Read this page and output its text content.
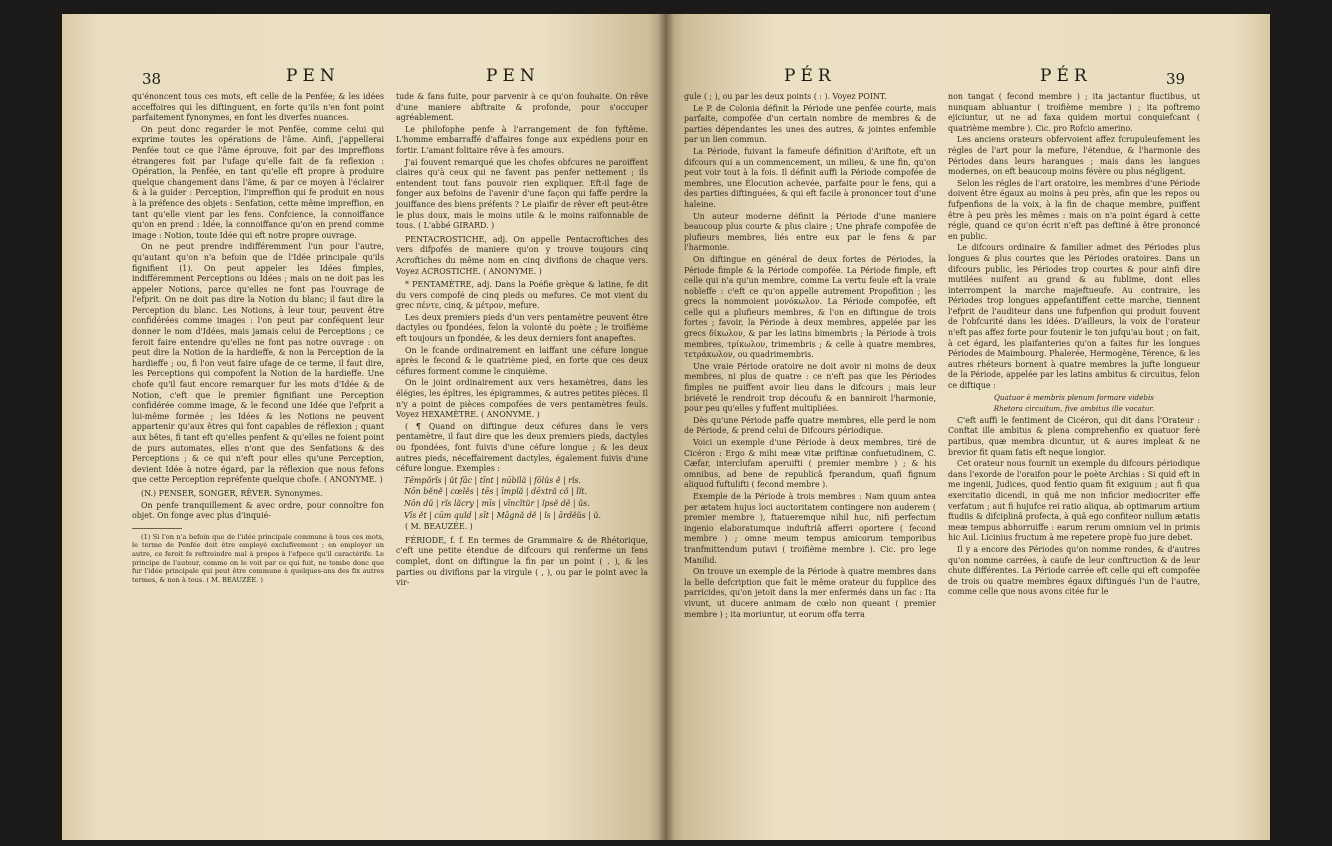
38	PEN	PEN

qu'énoncent tous ces mots, eft celle de la Penfée; & les idées acceffoires qui les diftinguent, en forte qu'ils n'en font point parfaitement fynonymes, en font les diverfes nuances.

On peut donc regarder le mot Penfée, comme celui qui exprime toutes les opérations de l'âme. Ainfi, j'appellerai Penfée tout ce que l'âme éprouve, foit par des impreffions étrangeres foit par l'ufage qu'elle fait de fa reflexion : Opération, la Penfée, en tant qu'elle eft propre à produire quelque changement dans l'âme, & par ce moyen à l'éclairer & à la guider : Perception, l'impreffion qui fe produit en nous à la préfence des objets : Senfation, cette même impreffion, en tant qu'elle vient par les fens. Confcience, la connoiffance qu'on en prend : Idée, la connoiffance qu'on en prend comme image : Notion, toute Idée qui eft notre propre ouvrage.

On ne peut prendre indifféremment l'un pour l'autre, qu'autant qu'on n'a befoin que de l'Idée principale qu'ils fignifient (1). On peut appeler les Idées fimples, indifféremment Perceptions ou Idées ; mais on ne doit pas les appeler Notions, parce qu'elles ne font pas l'ouvrage de l'efprit. On ne doit pas dire la Notion du blanc; il faut dire la Perception du blanc. Les Notions, à leur tour, peuvent être confidérées comme images : l'on peut par conféquent leur donner le nom d'Idées, mais jamais celui de Perceptions ; ce feroit faire entendre qu'elles ne font pas notre ouvrage : on peut dire la Notion de la hardieffe, & non la Perception de la hardieffe ; ou, fi l'on veut faire ufage de ce terme, il faut dire, les Perceptions qui compofent la Notion de la hardieffe. Une chofe qu'il faut encore remarquer fur les mots d'Idée & de Notion, c'eft que le premier fignifiant une Perception confidérée comme image, & le fecond une Idée que l'efprit a lui-même formée ; les Idées & les Notions ne peuvent appartenir qu'aux êtres qui font capables de réflexion ; quant aux bêtes, fi tant eft qu'elles penfent & qu'elles ne foient point de purs automates, elles n'ont que des Senfations & des Perceptions ; & ce qui n'eft pour elles qu'une Perception, devient Idée à notre égard, par la réflexion que nous fefons que cette Perception repréfente quelque chofe. ( ANONYME. )

(N.) PENSER, SONGER, RÊVER. Synonymes.

On penfe tranquillement & avec ordre, pour connoître fon objet. On fonge avec plus d'inquié-

(1) Si l'on n'a befoin que de l'idée principale commune à tous ces mots, le terme de Penfée doit être employé exclufivement ; en employer un autre, ce feroit fe reftreindre mal à propos à l'efpece qu'il caractérife. Le principe de l'auteur, comme on le voit par ce qui fuit, ne tombe donc que fur l'idée principale qui peut être commune à quelques-uns des fix autres termes, & non à tous. ( M. BEAUZÉE. )

tude & fans fuite, pour parvenir à ce qu'on fouhaite. On rêve d'une maniere abftraite & profonde, pour s'occuper agréablement.

Le philofophe penfe à l'arrangement de fon fyftême. L'homme embarraffé d'affaires fonge aux expédiens pour en fortir. L'amant folitaire rêve à fes amours.

J'ai fouvent remarqué que les chofes obfcures ne paroiffent claires qu'à ceux qui ne favent pas penfer nettement ; ils entendent tout fans pouvoir rien expliquer. Eft-il fage de fonger aux befoins de l'avenir d'une façon qui faffe perdre la jouiffance des biens préfents ? Le plaifir de rêver eft peut-être le plus doux, mais le moins utile & le moins raifonnable de tous. ( L'abbé GIRARD. )

PENTACROSTICHE, adj. On appelle Pentacroftiches des vers difpofés de maniere qu'on y trouve toujours cinq Acroftiches du même nom en cinq divifions de chaque vers. Voyez ACROSTICHE. ( ANONYME. )

* PENTAMÈTRE, adj. Dans la Poéfie grèque & latine, fe dit du vers compofé de cinq pieds ou mefures. Ce mot vient du grec πέντε, cinq, & μέτρον, mefure.

Les deux premiers pieds d'un vers pentamètre peuvent être dactyles ou fpondées, felon la volonté du poète ; le troifième eft toujours un fpondée, & les deux derniers font anapeftes.

On le fcande ordinairement en laiffant une céfure longue après le fecond & le quatrième pied, en forte que ces deux céfures forment comme le cinquième.

On le joint ordinairement aux vers hexamètres, dans les élégies, les épîtres, les épigrammes, & autres petites pièces. Il n'y a point de pièces compofées de vers pentamètres feuls. Voyez HEXAMÈTRE. ( ANONYME. )

( ¶ Quand on diftingue deux céfures dans le vers pentamètre, il faut dire que les deux premiers pieds, dactyles ou fpondées, font fuivis d'une céfure longue ; & les deux autres pieds, néceffairement dactyles, également fuivis d'une céfure longue. Exemples :

Tēmpŏrĭs | ŭt fāc | tīnt | nūbĭlă | fōlŭs ĕ | rĭs.

Nōn bĕnĕ | cœlĕs | tēs | īmpĭă | dēxtră cŏ | lĭt.

Nōn dŭ | rĭs lăcry | mīs | vīncĭtŭr | ĭpsĕ dĕ | ŭs.

Vīs ĕt | cūm quĭd | sīt | Māgnă dĕ | ĭs | ārdĕŭs | ŭ.

( M. BEAUZÉE. )

FÉRIODE, f. f. En termes de Grammaire & de Rhétorique, c'eft une petite étendue de difcours qui renferme un fens complet, dont on diftingue la fin par un point ( . ), & les parties ou divifions par la virgule ( , ), ou par le point avec la vir-

PÉR	PÉR	39

gule ( ; ), ou par les deux points ( : ). Voyez POINT.

Le P. de Colonia définit la Période une penfée courte, mais parfaite, compofée d'un certain nombre de membres & de parties dépendantes les unes des autres, & jointes enfemble par un lien commun.

La Période, fuivant la fameufe définition d'Ariftote, eft un difcours qui a un commencement, un milieu, & une fin, qu'on peut voir tout à la fois. Il définit auffi la Période compofée de membres, une Élocution achevée, parfaite pour le fens, qui a des parties diftinguées, & qui eft facile à prononcer tout d'une haleine.

Un auteur moderne définit la Période d'une maniere beaucoup plus courte & plus claire ; Une phrafe compofée de plufieurs membres, liés entre eux par le fens & par l'harmonie.

On diftingue en général de deux fortes de Périodes, la Période fimple & la Période compofée. La Période fimple, eft celle qui n'a qu'un membre, comme La vertu feule eft la vraie nobleffe : c'eft ce qu'on appelle autrement Propofition ; les grecs la nommoient μονόκωλον. La Période compofée, eft celle qui a plufieurs membres, & l'on en diftingue de trois fortes ; favoir, la Période à deux membres, appelée par les grecs δίκωλον, & par les latins bimembris ; la Période à trois membres, τρίκωλον, trimembris ; & celle à quatre membres, τετράκωλον, ou quadrimembris.

Une vraie Période oratoire ne doit avoir ni moins de deux membres, ni plus de quatre : ce n'eft pas que les Périodes fimples ne puiffent avoir lieu dans le difcours ; mais leur briéveté le rendroit trop découfu & en banniroit l'harmonie, pour peu qu'elles y fuffent multipliées.

Dès qu'une Période paffe quatre membres, elle perd le nom de Période, & prend celui de Difcours périodique.

Voici un exemple d'une Période à deux membres, tiré de Cicéron : Ergo & mihi meæ vitæ priftinæ confuetudinem, C. Cæfar, interclufam aperuifti ( premier membre ) ; & his omnibus, ad bene de republicâ fperandum, quafi fignum aliquod fuftulifti ( fecond membre ).

Exemple de la Période à trois membres : Nam quum antea per ætatem hujus loci auctoritatem contingere non auderem ( premier membre ), ftatueremque nihil huc, nifi perfectum ingenio elaboratumque induftriâ afferri oportere ( fecond membre ) ; omne meum tempus amicorum temporibus tranfmittendum putavi ( troifième membre ). Cic. pro lege Manilid.

On trouve un exemple de la Période à quatre membres dans la belle defcription que fait le même orateur du fupplice des parricides, qu'on jetoit dans la mer enfermés dans un fac : Ita vivunt, ut ducere animam de cœlo non queant ( premier membre ) ; ita moriuntur, ut eorum offa terra

non tangat ( fecond membre ) ; ita jactantur fluctibus, ut nunquam abluantur ( troifième membre ) ; ita poftremo ejiciuntur, ut ne ad faxa quidem mortui conquiefcant ( quatrième membre ). Cic. pro Rofcio amerino.

Les anciens orateurs obfervoient affez fcrupuleufement les régles de l'art pour la mefure, l'étendue, & l'harmonie des Périodes dans leurs harangues ; mais dans les langues modernes, on eft beaucoup moins févère ou plus négligent.

Selon les régles de l'art oratoire, les membres d'une Période doivent être égaux au moins à peu près, afin que les repos ou fufpenfions de la voix, à la fin de chaque membre, puiffent être à peu près les mêmes : mais on n'a point égard à cette régle, quand ce qu'on écrit n'eft pas deftiné à être prononcé en public.

Le difcours ordinaire & familier admet des Périodes plus longues & plus courtes que les Périodes oratoires. Dans un difcours public, les Périodes trop courtes & pour ainfi dire mutilées nuifent au grand & au fublime, dont elles interrompent la marche majeftueufe. Au contraire, les Périodes trop longues appefantiffent cette marche, tiennent l'efprit de l'auditeur dans une fufpenfion qui produit fouvent de l'obfcurité dans les idées. D'ailleurs, la voix de l'orateur n'eft pas affez forte pour foutenir le ton jufqu'au bout ; on fait, à cet égard, les plaifanteries qu'on a faites fur les longues Périodes de Maimbourg. Phalerée, Hermogène, Térence, & les autres rhéteurs bornent à quatre membres la jufte longueur de la Période, appelée par les latins ambitus & circuitus, felon ce diftique :

Quatuor è membris plenum formare videbis

Rhetora circuitum, five ambitus ille vocatur.

C'eft auffi le fentiment de Cicéron, qui dit dans l'Orateur : Conftat ille ambitus & plena comprehenfio ex quatuor ferè partibus, quæ membra dicuntur, ut & aures impleat & ne brevior fit quam fatis eft neque longior.

Cet orateur nous fournit un exemple du difcours périodique dans l'exorde de l'oraifon pour le poète Archias : Si quid eft in me ingenii, Judices, quod fentio quam fit exiguum ; aut fi qua exercitatio dicendi, in quâ me non inficior mediocriter effe verfatum ; aut fi hujufce rei ratio aliqua, ab optimarum artium ftudiis & difciplinâ profecta, à quâ ego confiteor nullum ætatis meæ tempus abhorruiffe : earum rerum omnium vel in primis hic Aul. Licinius fructum à me repetere propè fuo jure debet.

Il y a encore des Périodes qu'on nomme rondes, & d'autres qu'on nomme carrées, à caufe de leur conftruction & de leur chute différentes. La Période carrée eft celle qui eft compofée de trois ou quatre membres égaux diftingués l'un de l'autre, comme celle que nous avons citée fur le
